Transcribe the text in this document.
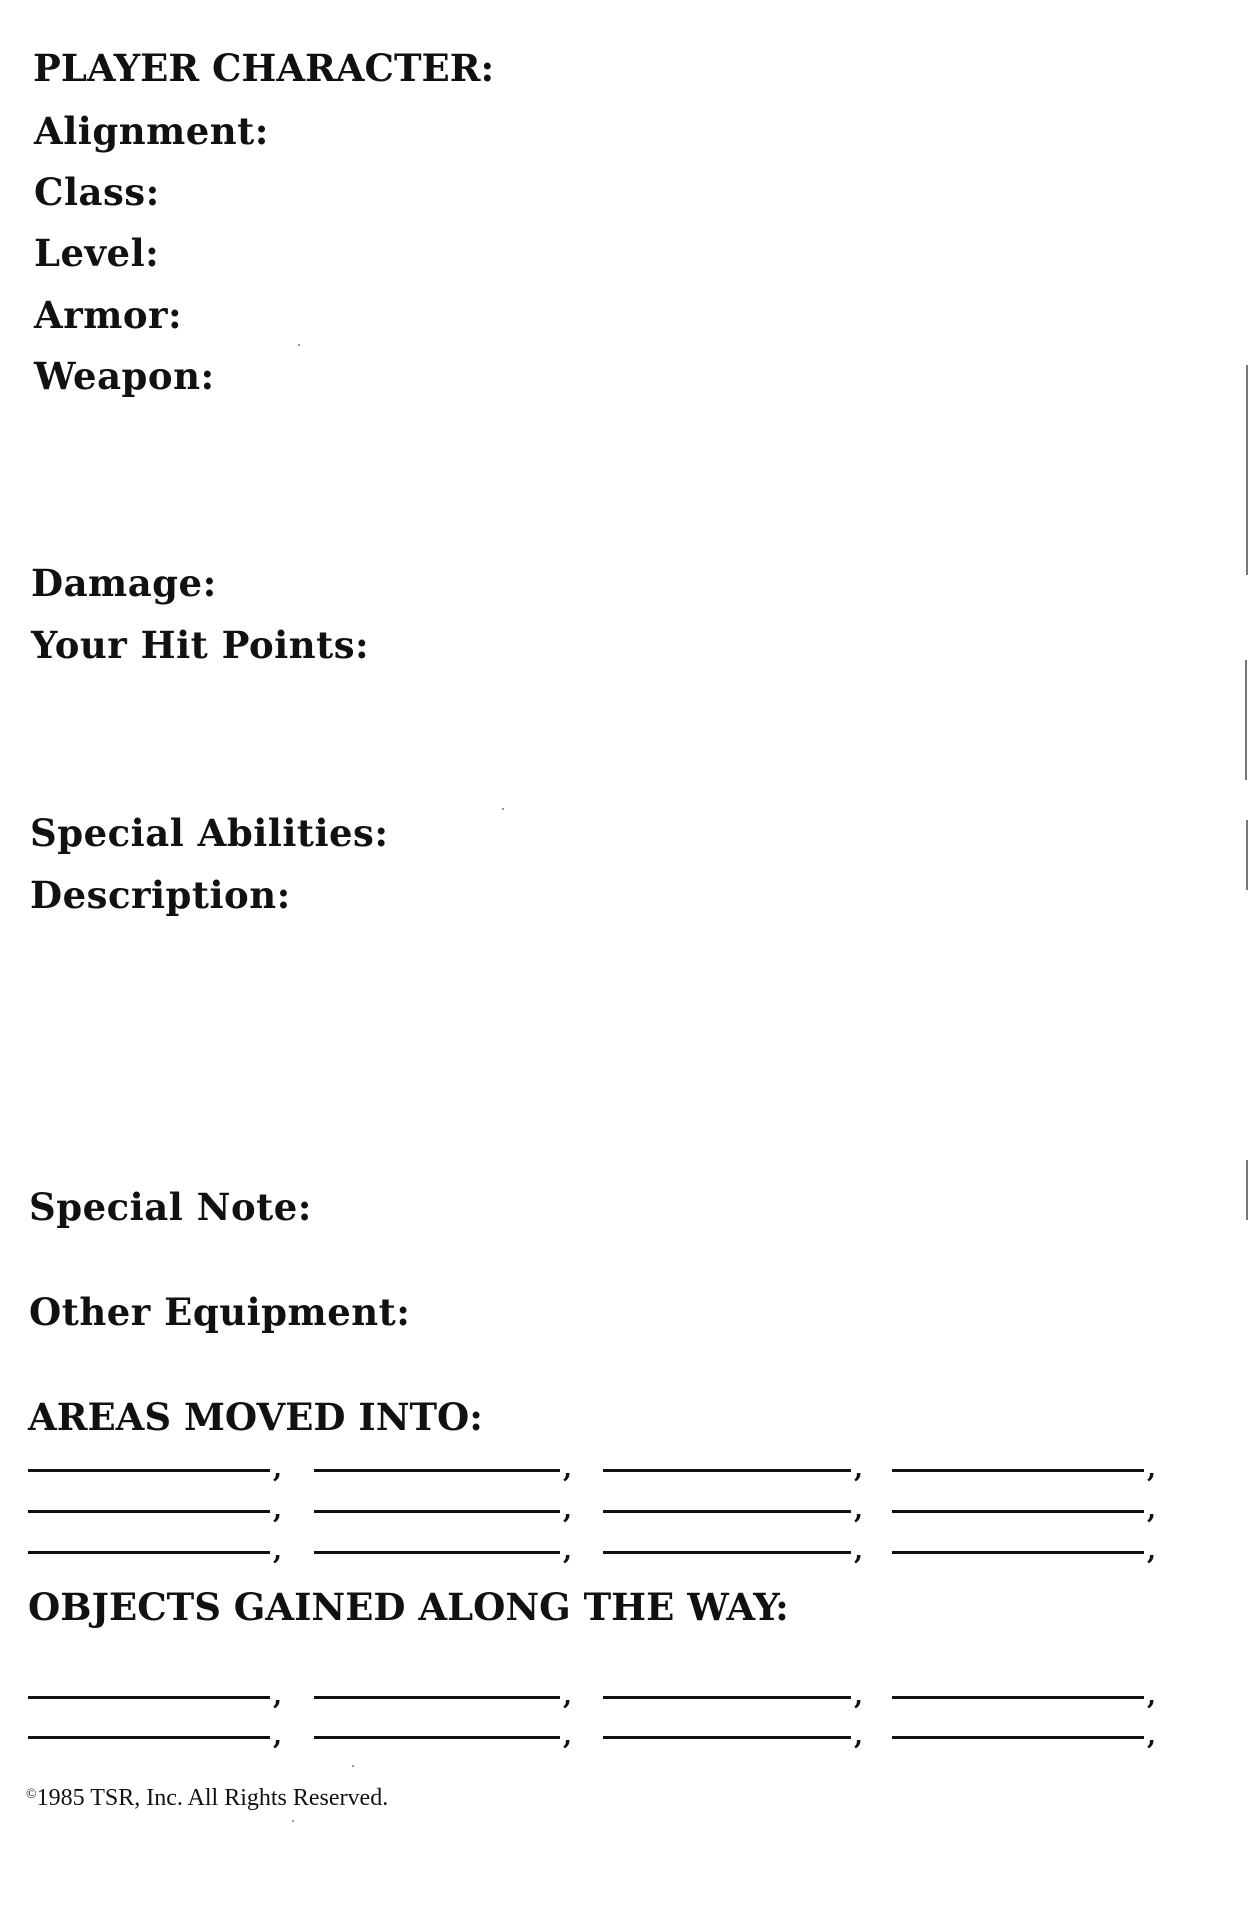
PLAYER CHARACTER:
Alignment:
Class:
Level:
Armor:
Weapon:
Damage:
Your Hit Points:
Special Abilities:
Description:
Special Note:
Other Equipment:
AREAS MOVED INTO:
,	,	,	,
,	,	,	,
,	,	,	,
OBJECTS GAINED ALONG THE WAY:
,	,	,	,
,	,	,	,
©1985 TSR, Inc. All Rights Reserved.
